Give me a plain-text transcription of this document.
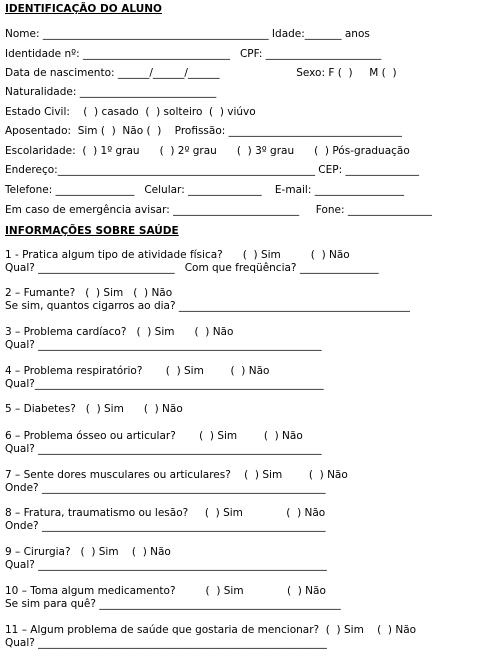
IDENTIFICAÇÃO DO ALUNO
Nome: ___________________________________________ Idade:_______ anos
Identidade nº: ____________________________   CPF: ______________________
Data de nascimento: ______/______/______                       Sexo: F (  )     M (  )
Naturalidade: __________________________
Estado Civil:    (  ) casado  (  ) solteiro  (  ) viúvo
Aposentado:  Sim (  )  Não (  )    Profissão: _________________________________
Escolaridade:  (  ) 1º grau      (  ) 2º grau      (  ) 3º grau      (  ) Pós-graduação
Endereço:_________________________________________________ CEP: ______________
Telefone: _______________   Celular: ______________    E-mail: _________________
Em caso de emergência avisar: ________________________     Fone: ________________
INFORMAÇÕES SOBRE SAÚDE
1 - Pratica algum tipo de atividade física?      (  ) Sim         (  ) Não
Qual? __________________________   Com que freqüência? _______________
2 – Fumante?   (  ) Sim   (  ) Não
Se sim, quantos cigarros ao dia? ____________________________________________
3 – Problema cardíaco?   (  ) Sim      (  ) Não
Qual? ______________________________________________________
4 – Problema respiratório?       (  ) Sim        (  ) Não
Qual?_______________________________________________________
5 – Diabetes?   (  ) Sim      (  ) Não
6 – Problema ósseo ou articular?       (  ) Sim        (  ) Não
Qual? ______________________________________________________
7 – Sente dores musculares ou articulares?    (  ) Sim        (  ) Não
Onde? ______________________________________________________
8 – Fratura, traumatismo ou lesão?     (  ) Sim             (  ) Não
Onde? ______________________________________________________
9 – Cirurgia?   (  ) Sim    (  ) Não
Qual? _______________________________________________________
10 – Toma algum medicamento?         (  ) Sim             (  ) Não
Se sim para quê? ______________________________________________
11 – Algum problema de saúde que gostaria de mencionar?  (  ) Sim    (  ) Não
Qual? _______________________________________________________
